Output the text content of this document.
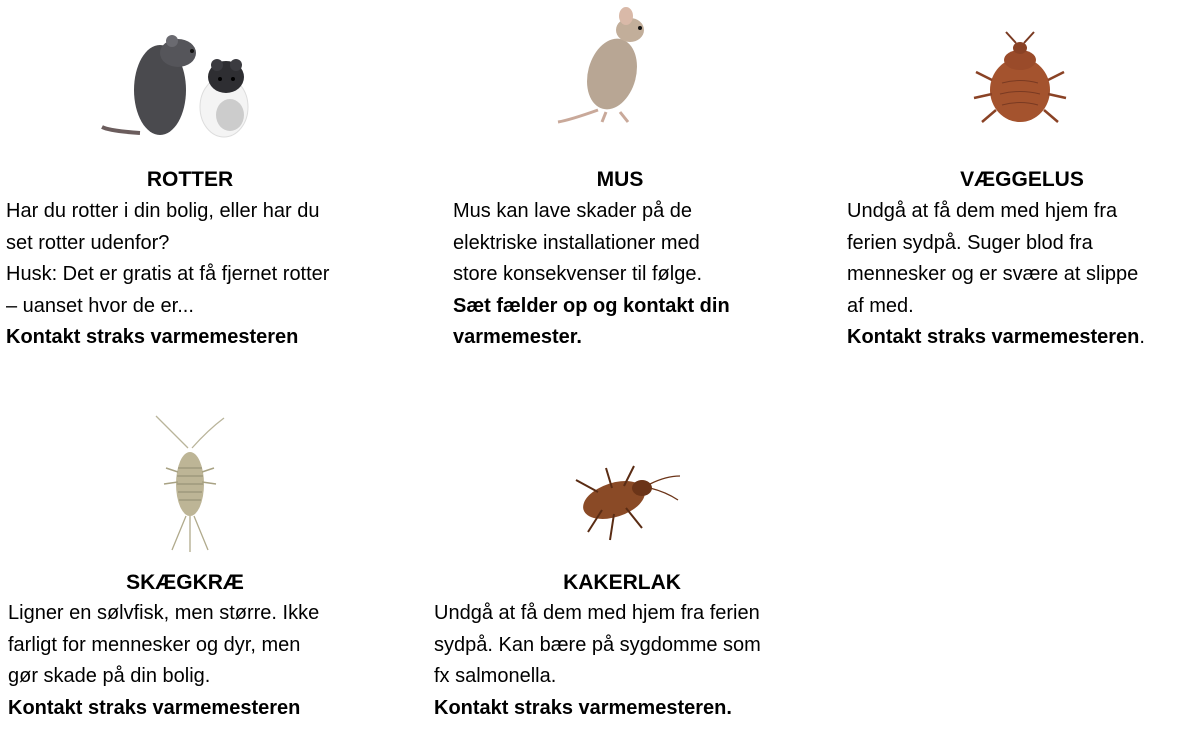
ROTTER

Har du rotter i din bolig, eller har du

set rotter udenfor?

Husk: Det er gratis at få fjernet rotter

– uanset hvor de er...

Kontakt straks varmemesteren

MUS

Mus kan lave skader på de

elektriske installationer med

store konsekvenser til følge.

Sæt fælder op og kontakt din

varmemester.

VÆGGELUS

Undgå at få dem med hjem fra

ferien sydpå. Suger blod fra

mennesker og er svære at slippe

af med.

Kontakt straks varmemesteren.

SKÆGKRÆ

Ligner en sølvfisk, men større. Ikke

farligt for mennesker og dyr, men

gør skade på din bolig.

Kontakt straks varmemesteren

KAKERLAK

Undgå at få dem med hjem fra ferien

sydpå. Kan bære på sygdomme som

fx salmonella.

Kontakt straks varmemesteren.
